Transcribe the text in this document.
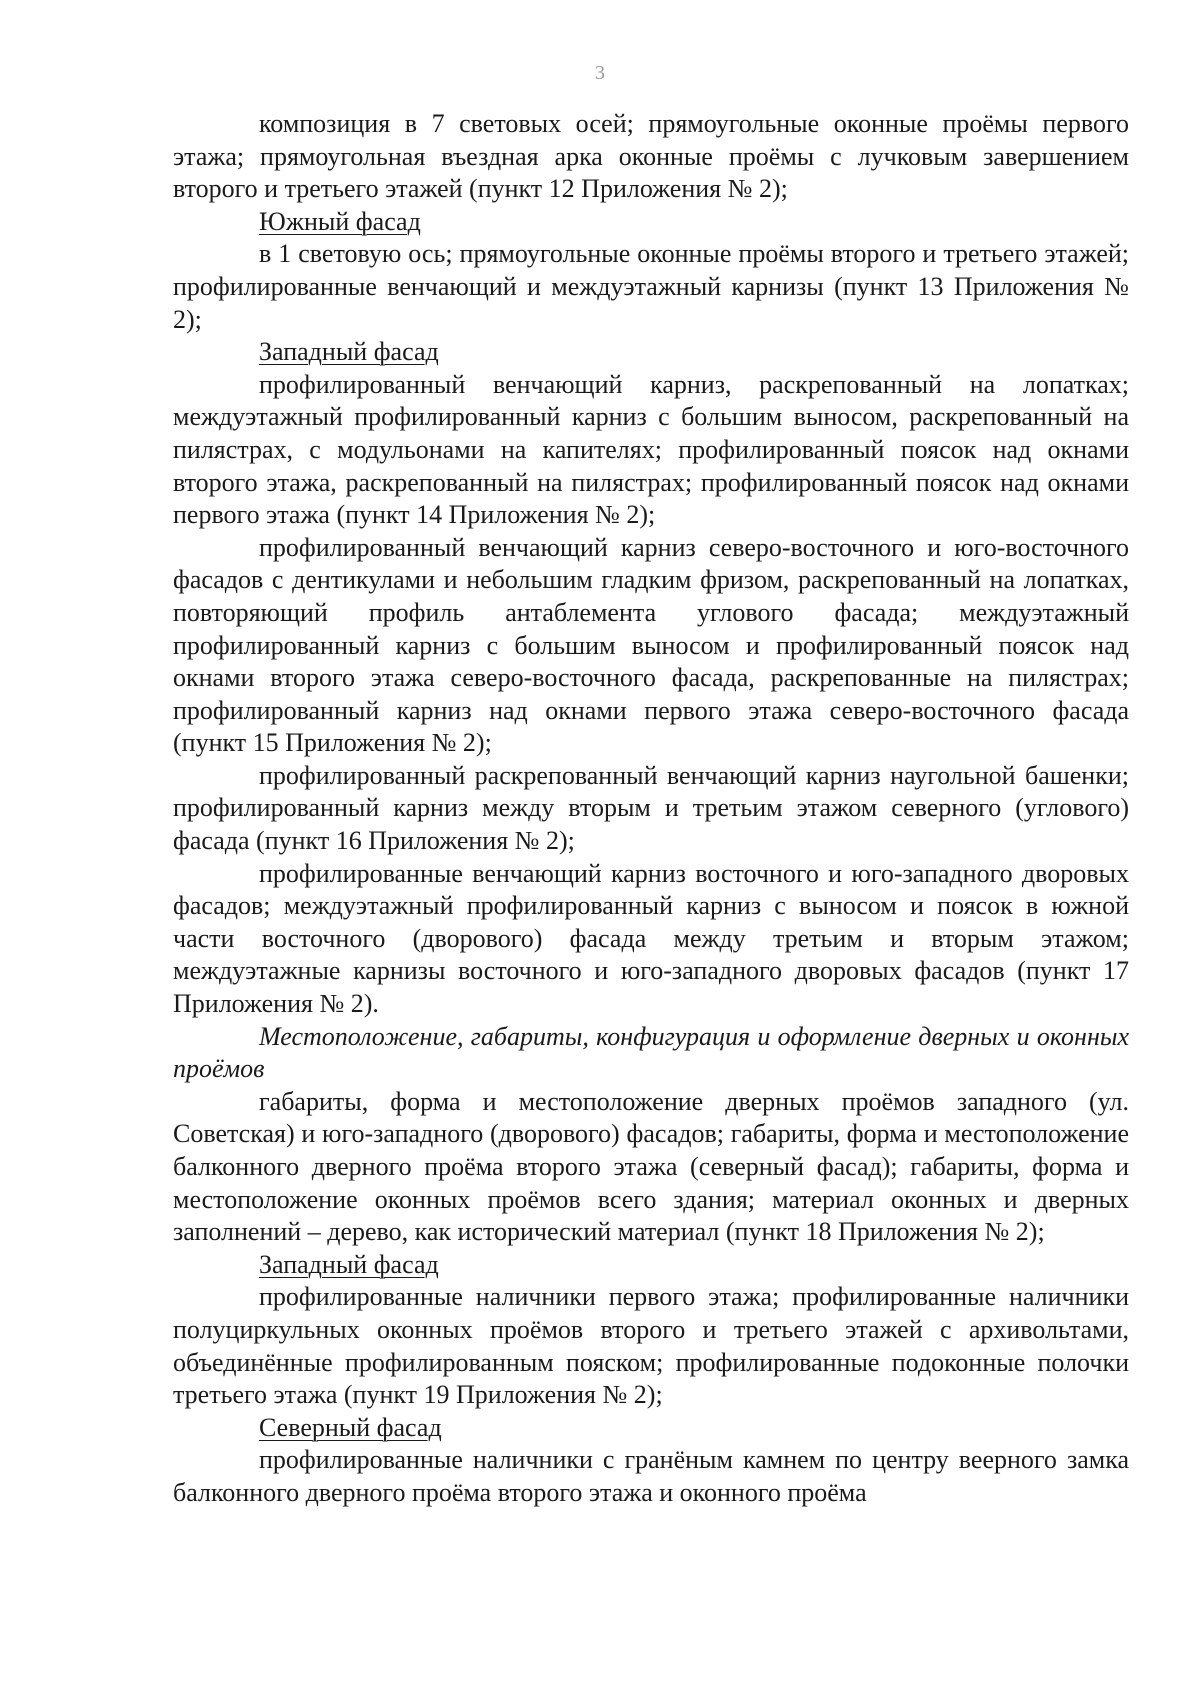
3

композиция в 7 световых осей; прямоугольные оконные проёмы первого этажа; прямоугольная въездная арка оконные проёмы с лучковым завершением второго и третьего этажей (пункт 12 Приложения № 2);

Южный фасад

в 1 световую ось; прямоугольные оконные проёмы второго и третьего этажей; профилированные венчающий и междуэтажный карнизы (пункт 13 Приложения № 2);

Западный фасад

профилированный венчающий карниз, раскрепованный на лопатках; междуэтажный профилированный карниз с большим выносом, раскрепованный на пилястрах, с модульонами на капителях; профилированный поясок над окнами второго этажа, раскрепованный на пилястрах; профилированный поясок над окнами первого этажа (пункт 14 Приложения № 2);

профилированный венчающий карниз северо-восточного и юго-восточного фасадов с дентикулами и небольшим гладким фризом, раскрепованный на лопатках, повторяющий профиль антаблемента углового фасада; междуэтажный профилированный карниз с большим выносом и профилированный поясок над окнами второго этажа северо-восточного фасада, раскрепованные на пилястрах; профилированный карниз над окнами первого этажа северо-восточного фасада (пункт 15 Приложения № 2);

профилированный раскрепованный венчающий карниз наугольной башенки; профилированный карниз между вторым и третьим этажом северного (углового) фасада (пункт 16 Приложения № 2);

профилированные венчающий карниз восточного и юго-западного дворовых фасадов; междуэтажный профилированный карниз с выносом и поясок в южной части восточного (дворового) фасада между третьим и вторым этажом; междуэтажные карнизы восточного и юго-западного дворовых фасадов (пункт 17 Приложения № 2).

Местоположение, габариты, конфигурация и оформление дверных и оконных проёмов

габариты, форма и местоположение дверных проёмов западного (ул. Советская) и юго-западного (дворового) фасадов; габариты, форма и местоположение балконного дверного проёма второго этажа (северный фасад); габариты, форма и местоположение оконных проёмов всего здания; материал оконных и дверных заполнений – дерево, как исторический материал (пункт 18 Приложения № 2);

Западный фасад

профилированные наличники первого этажа; профилированные наличники полуциркульных оконных проёмов второго и третьего этажей с архивольтами, объединённые профилированным пояском; профилированные подоконные полочки третьего этажа (пункт 19 Приложения № 2);

Северный фасад

профилированные наличники с гранёным камнем по центру веерного замка балконного дверного проёма второго этажа и оконного проёма
